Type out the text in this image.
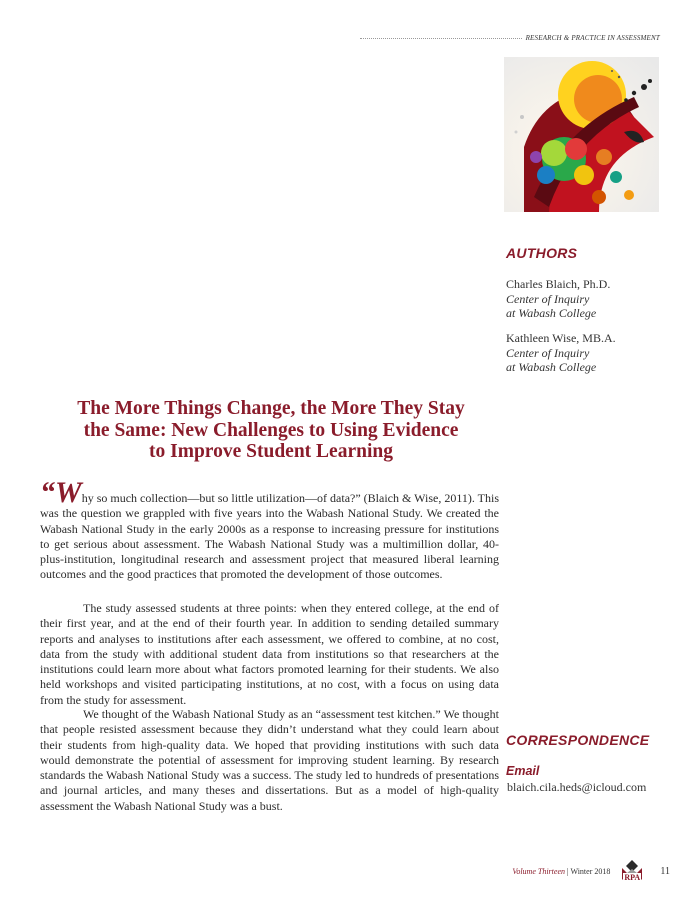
RESEARCH & PRACTICE IN ASSESSMENT
AUTHORS
Charles Blaich, Ph.D.
Center of Inquiry
at Wabash College
Kathleen Wise, MB.A.
Center of Inquiry
at Wabash College
The More Things Change, the More They Stay
the Same: New Challenges to Using Evidence
to Improve Student Learning

“Why so much collection—but so little utilization—of data?” (Blaich & Wise, 2011). This was the question we grappled with five years into the Wabash National Study. We created the Wabash National Study in the early 2000s as a response to increasing pressure for institutions to get serious about assessment. The Wabash National Study was a multimillion dollar, 40-plus-institution, longitudinal research and assessment project that measured liberal learning outcomes and the good practices that promoted the development of those outcomes.

The study assessed students at three points: when they entered college, at the end of their first year, and at the end of their fourth year. In addition to sending detailed summary reports and analyses to institutions after each assessment, we offered to combine, at no cost, data from the study with additional student data from institutions so that researchers at the institutions could learn more about what factors promoted learning for their students. We also held workshops and visited participating institutions, at no cost, with a focus on using data from the study for assessment.

We thought of the Wabash National Study as an “assessment test kitchen.” We thought that people resisted assessment because they didn’t understand what they could learn about their students from high-quality data. We hoped that providing institutions with such data would demonstrate the potential of assessment for improving student learning. By research standards the Wabash National Study was a success. The study led to hundreds of presentations and journal articles, and many theses and dissertations. But as a model of high-quality assessment the Wabash National Study was a bust.

CORRESPONDENCE
Email
blaich.cila.heds@icloud.com
Volume Thirteen | Winter 2018
RPA
11
